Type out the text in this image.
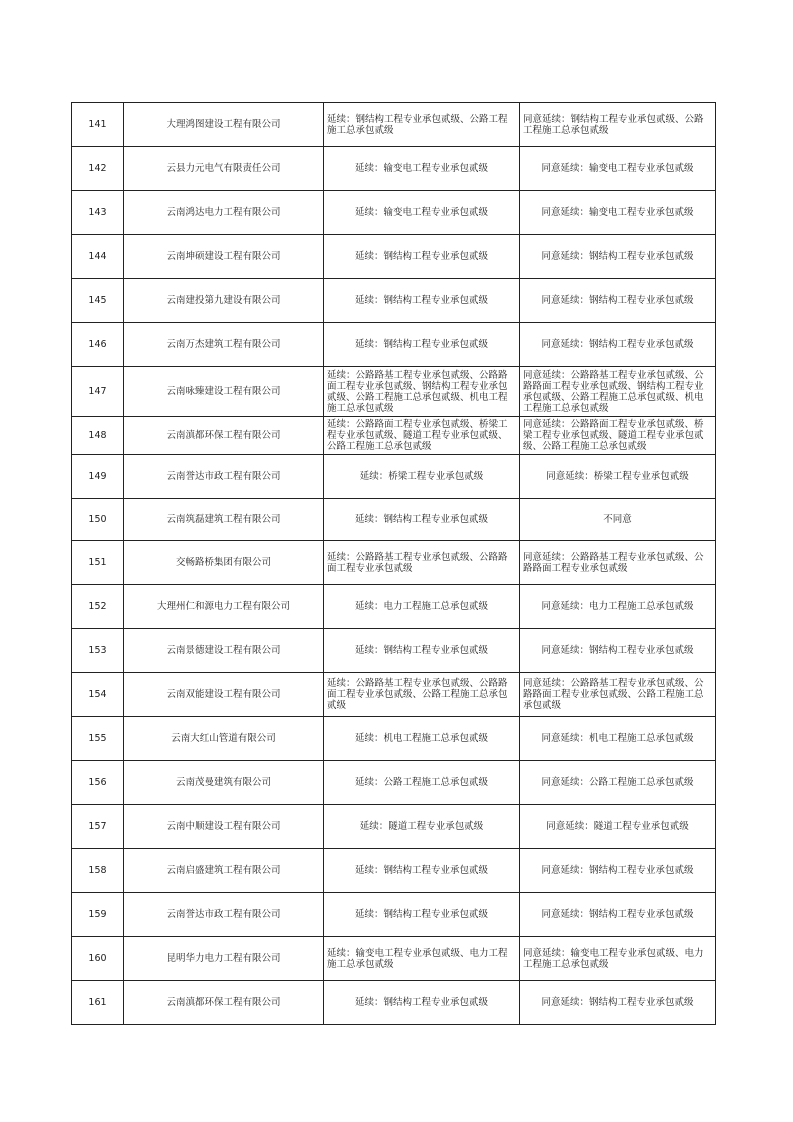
141	大理鸿图建设工程有限公司	延续：钢结构工程专业承包贰级、公路工程施工总承包贰级	同意延续：钢结构工程专业承包贰级、公路工程施工总承包贰级
142	云县力元电气有限责任公司	延续：输变电工程专业承包贰级	同意延续：输变电工程专业承包贰级
143	云南鸿达电力工程有限公司	延续：输变电工程专业承包贰级	同意延续：输变电工程专业承包贰级
144	云南坤硕建设工程有限公司	延续：钢结构工程专业承包贰级	同意延续：钢结构工程专业承包贰级
145	云南建投第九建设有限公司	延续：钢结构工程专业承包贰级	同意延续：钢结构工程专业承包贰级
146	云南万杰建筑工程有限公司	延续：钢结构工程专业承包贰级	同意延续：钢结构工程专业承包贰级
147	云南咏臻建设工程有限公司	延续：公路路基工程专业承包贰级、公路路面工程专业承包贰级、钢结构工程专业承包贰级、公路工程施工总承包贰级、机电工程施工总承包贰级	同意延续：公路路基工程专业承包贰级、公路路面工程专业承包贰级、钢结构工程专业承包贰级、公路工程施工总承包贰级、机电工程施工总承包贰级
148	云南滇都环保工程有限公司	延续：公路路面工程专业承包贰级、桥梁工程专业承包贰级、隧道工程专业承包贰级、公路工程施工总承包贰级	同意延续：公路路面工程专业承包贰级、桥梁工程专业承包贰级、隧道工程专业承包贰级、公路工程施工总承包贰级
149	云南誉达市政工程有限公司	延续：桥梁工程专业承包贰级	同意延续：桥梁工程专业承包贰级
150	云南筑磊建筑工程有限公司	延续：钢结构工程专业承包贰级	不同意
151	交畅路桥集团有限公司	延续：公路路基工程专业承包贰级、公路路面工程专业承包贰级	同意延续：公路路基工程专业承包贰级、公路路面工程专业承包贰级
152	大理州仁和源电力工程有限公司	延续：电力工程施工总承包贰级	同意延续：电力工程施工总承包贰级
153	云南景德建设工程有限公司	延续：钢结构工程专业承包贰级	同意延续：钢结构工程专业承包贰级
154	云南双能建设工程有限公司	延续：公路路基工程专业承包贰级、公路路面工程专业承包贰级、公路工程施工总承包贰级	同意延续：公路路基工程专业承包贰级、公路路面工程专业承包贰级、公路工程施工总承包贰级
155	云南大红山管道有限公司	延续：机电工程施工总承包贰级	同意延续：机电工程施工总承包贰级
156	云南茂曼建筑有限公司	延续：公路工程施工总承包贰级	同意延续：公路工程施工总承包贰级
157	云南中顺建设工程有限公司	延续：隧道工程专业承包贰级	同意延续：隧道工程专业承包贰级
158	云南启盛建筑工程有限公司	延续：钢结构工程专业承包贰级	同意延续：钢结构工程专业承包贰级
159	云南誉达市政工程有限公司	延续：钢结构工程专业承包贰级	同意延续：钢结构工程专业承包贰级
160	昆明华力电力工程有限公司	延续：输变电工程专业承包贰级、电力工程施工总承包贰级	同意延续：输变电工程专业承包贰级、电力工程施工总承包贰级
161	云南滇都环保工程有限公司	延续：钢结构工程专业承包贰级	同意延续：钢结构工程专业承包贰级
